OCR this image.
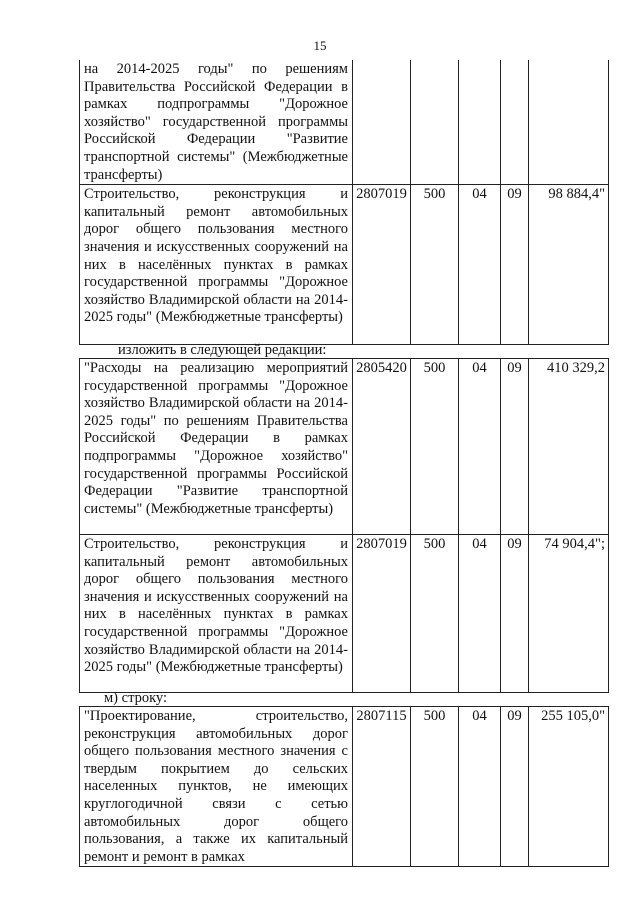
15
на 2014-2025 годы" по решениям Правительства Российской Федерации в рамках подпрограммы "Дорожное хозяйство" государственной программы Российской Федерации "Развитие транспортной системы" (Межбюджетные трансферты)					
Строительство, реконструкция и капитальный ремонт автомобильных дорог общего пользования местного значения и искусственных сооружений на них в населённых пунктах в рамках государственной программы "Дорожное хозяйство Владимирской области на 2014-2025 годы" (Межбюджетные трансферты)	2807019	500	04	09	98 884,4"
изложить в следующей редакции:
"Расходы на реализацию мероприятий государственной программы "Дорожное хозяйство Владимирской области на 2014-2025 годы" по решениям Правительства Российской Федерации в рамках подпрограммы "Дорожное хозяйство" государственной программы Российской Федерации "Развитие транспортной системы" (Межбюджетные трансферты)	2805420	500	04	09	410 329,2
Строительство, реконструкция и капитальный ремонт автомобильных дорог общего пользования местного значения и искусственных сооружений на них в населённых пунктах в рамках государственной программы "Дорожное хозяйство Владимирской области на 2014-2025 годы" (Межбюджетные трансферты)	2807019	500	04	09	74 904,4";
м) строку:
"Проектирование, строительство, реконструкция автомобильных дорог общего пользования местного значения с твердым покрытием до сельских населенных пунктов, не имеющих круглогодичной связи с сетью автомобильных дорог общего пользования, а также их капитальный ремонт и ремонт в рамках	2807115	500	04	09	255 105,0"
